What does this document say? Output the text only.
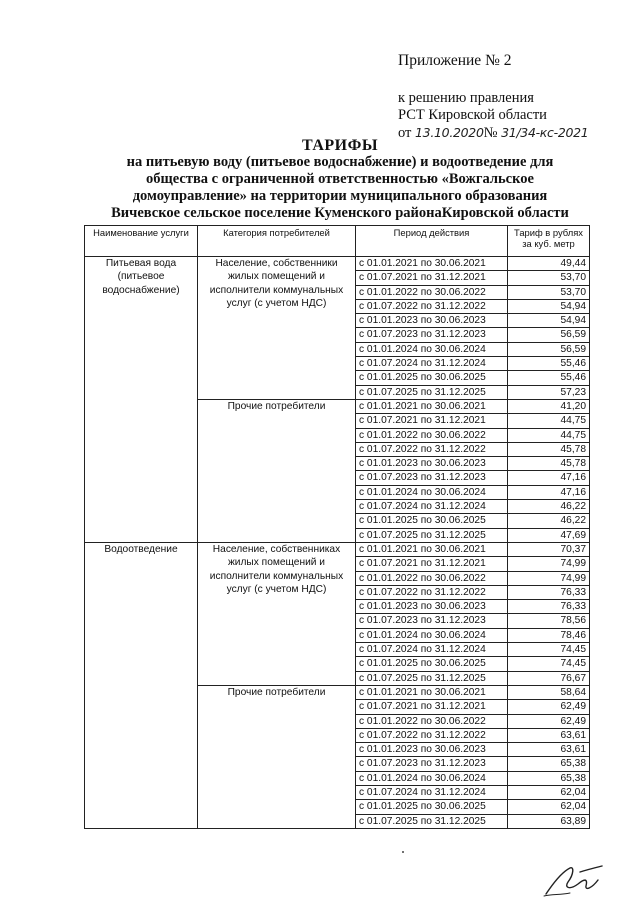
Приложение № 2
к решению правления
РСТ Кировской области
от 13.10.2020№ 31/34-кс-2021
ТАРИФЫ
на питьевую воду (питьевое водоснабжение) и водоотведение для
общества с ограниченной ответственностью «Вожгальское
домоуправление» на территории муниципального образования
Вичевское сельское поселение Куменского районаКировской области
Наименование услуги	Категория потребителей	Период действия	Тариф в рублях за куб. метр
Питьевая вода (питьевое водоснабжение)	Население, собственники жилых помещений и исполнители коммунальных услуг (с учетом НДС)	с 01.01.2021 по 30.06.2021	49,44
		с 01.07.2021 по 31.12.2021	53,70
		с 01.01.2022 по 30.06.2022	53,70
		с 01.07.2022 по 31.12.2022	54,94
		с 01.01.2023 по 30.06.2023	54,94
		с 01.07.2023 по 31.12.2023	56,59
		с 01.01.2024 по 30.06.2024	56,59
		с 01.07.2024 по 31.12.2024	55,46
		с 01.01.2025 по 30.06.2025	55,46
		с 01.07.2025 по 31.12.2025	57,23
	Прочие потребители	с 01.01.2021 по 30.06.2021	41,20
		с 01.07.2021 по 31.12.2021	44,75
		с 01.01.2022 по 30.06.2022	44,75
		с 01.07.2022 по 31.12.2022	45,78
		с 01.01.2023 по 30.06.2023	45,78
		с 01.07.2023 по 31.12.2023	47,16
		с 01.01.2024 по 30.06.2024	47,16
		с 01.07.2024 по 31.12.2024	46,22
		с 01.01.2025 по 30.06.2025	46,22
		с 01.07.2025 по 31.12.2025	47,69
Водоотведение	Население, собственниках жилых помещений и исполнители коммунальных услуг (с учетом НДС)	с 01.01.2021 по 30.06.2021	70,37
		с 01.07.2021 по 31.12.2021	74,99
		с 01.01.2022 по 30.06.2022	74,99
		с 01.07.2022 по 31.12.2022	76,33
		с 01.01.2023 по 30.06.2023	76,33
		с 01.07.2023 по 31.12.2023	78,56
		с 01.01.2024 по 30.06.2024	78,46
		с 01.07.2024 по 31.12.2024	74,45
		с 01.01.2025 по 30.06.2025	74,45
		с 01.07.2025 по 31.12.2025	76,67
	Прочие потребители	с 01.01.2021 по 30.06.2021	58,64
		с 01.07.2021 по 31.12.2021	62,49
		с 01.01.2022 по 30.06.2022	62,49
		с 01.07.2022 по 31.12.2022	63,61
		с 01.01.2023 по 30.06.2023	63,61
		с 01.07.2023 по 31.12.2023	65,38
		с 01.01.2024 по 30.06.2024	65,38
		с 01.07.2024 по 31.12.2024	62,04
		с 01.01.2025 по 30.06.2025	62,04
		с 01.07.2025 по 31.12.2025	63,89
